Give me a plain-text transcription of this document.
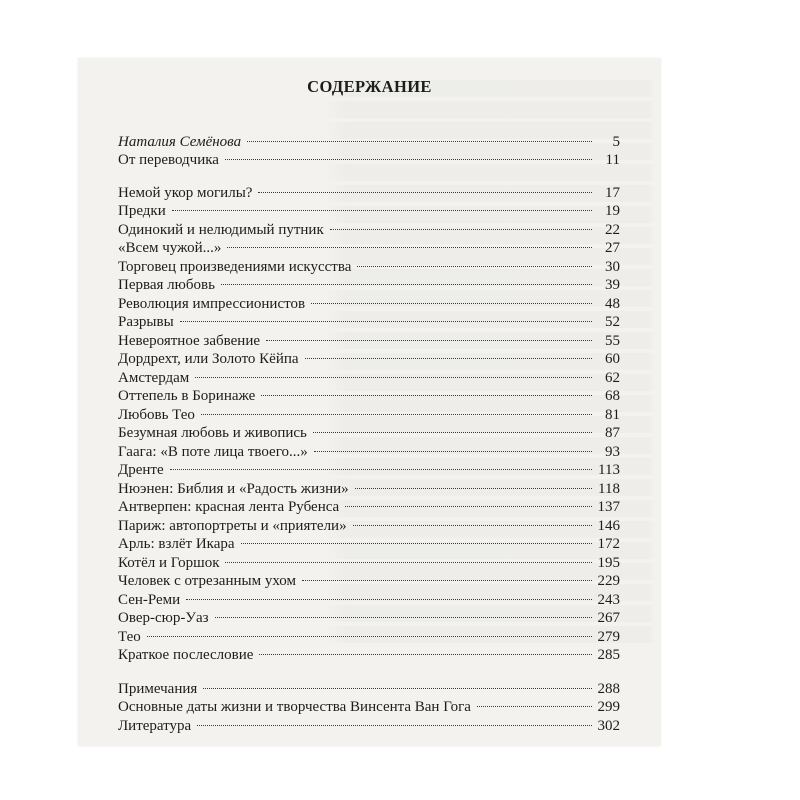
СОДЕРЖАНИЕ
Наталия Семёнова	5
От переводчика	11
Немой укор могилы?	17
Предки	19
Одинокий и нелюдимый путник	22
«Всем чужой...»	27
Торговец произведениями искусства	30
Первая любовь	39
Революция импрессионистов	48
Разрывы	52
Невероятное забвение	55
Дордрехт, или Золото Кёйпа	60
Амстердам	62
Оттепель в Боринаже	68
Любовь Тео	81
Безумная любовь и живопись	87
Гаага: «В поте лица твоего...»	93
Дренте	113
Нюэнен: Библия и «Радость жизни»	118
Антверпен: красная лента Рубенса	137
Париж: автопортреты и «приятели»	146
Арль: взлёт Икара	172
Котёл и Горшок	195
Человек с отрезанным ухом	229
Сен-Реми	243
Овер-сюр-Уаз	267
Тео	279
Краткое послесловие	285
Примечания	288
Основные даты жизни и творчества Винсента Ван Гога	299
Литература	302
